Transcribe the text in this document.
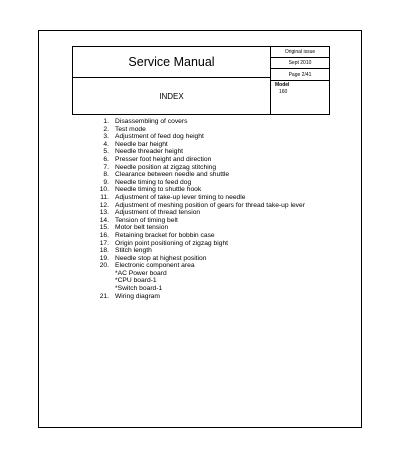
Service Manual
INDEX
Original issue
Sept 2010
Page 2/41
Model
160
1. Disassembling of covers
2. Test mode
3. Adjustment of feed dog height
4. Needle bar height
5. Needle threader height
6. Presser foot height and direction
7. Needle position at zigzag stitching
8. Clearance between needle and shuttle
9. Needle timing to feed dog
10. Needle timing to shuttle hook
11. Adjustment of take-up lever timing to needle
12. Adjustment of meshing position of gears for thread take-up lever
13. Adjustment of thread tension
14. Tension of timing belt
15. Motor belt tension
16. Retaining bracket for bobbin case
17. Origin point positioning of zigzag bight
18. Stitch length
19. Needle stop at highest position
20. Electronic component area
*AC Power board
*CPU board-1
*Switch board-1
21. Wiring diagram
